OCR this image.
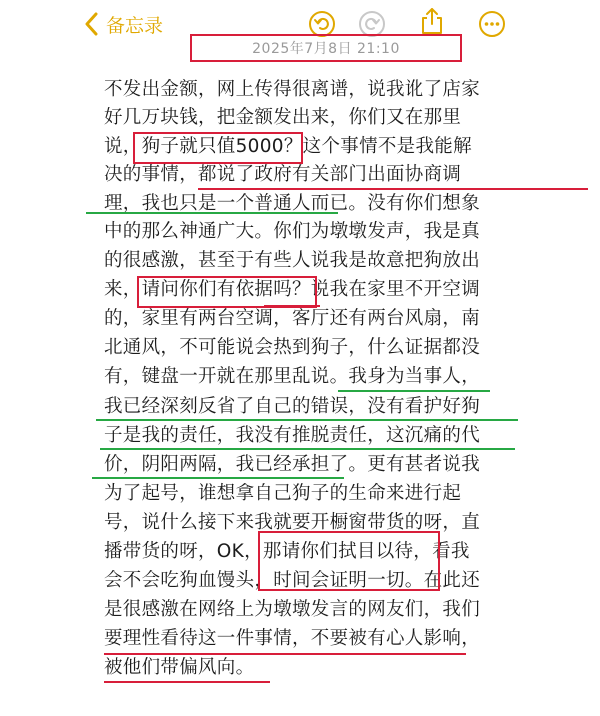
备忘录
2025年7月8日 21:10
不发出金额，网上传得很离谱，说我讹了店家
好几万块钱，把金额发出来，你们又在那里
说，狗子就只值5000？这个事情不是我能解
决的事情，都说了政府有关部门出面协商调
理，我也只是一个普通人而已。没有你们想象
中的那么神通广大。你们为墩墩发声，我是真
的很感激，甚至于有些人说我是故意把狗放出
来，请问你们有依据吗？说我在家里不开空调
的，家里有两台空调，客厅还有两台风扇，南
北通风，不可能说会热到狗子，什么证据都没
有，键盘一开就在那里乱说。我身为当事人，
我已经深刻反省了自己的错误，没有看护好狗
子是我的责任，我没有推脱责任，这沉痛的代
价，阴阳两隔，我已经承担了。更有甚者说我
为了起号，谁想拿自己狗子的生命来进行起
号，说什么接下来我就要开橱窗带货的呀，直
播带货的呀，OK，那请你们拭目以待，看我
会不会吃狗血馒头，时间会证明一切。在此还
是很感激在网络上为墩墩发言的网友们，我们
要理性看待这一件事情，不要被有心人影响，
被他们带偏风向。
